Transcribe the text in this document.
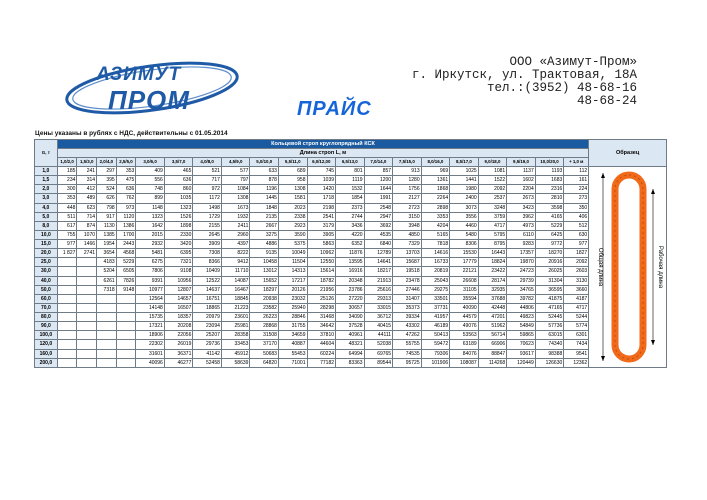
АЗИМУТ
ПРОМ	ПРАЙС
ООО «Азимут-Пром»
г. Иркутск, ул. Трактовая, 18А
тел.:(3952) 48-68-16
48-68-24
Цены указаны в рублях с НДС, действительны с 01.05.2014
G, т	Кольцевой строп круглопрядный КСК																				Образец
	Длина строп L, м																				
	1,0/2,0	1,5/3,0	2,0/4,0	2,5/5,0	3,0/6,0	3,5/7,0	4,0/8,0	4,5/9,0	5,0/10,0	5,5/11,0	6,0/12,00	6,5/13,0	7,0/14,0	7,5/15,0	8,0/16,0	8,5/17,0	9,0/18,0	9,5/19,0	10,0/20,0	+ 1,0 м	
1,0	185	241	297	353	409	465	521	577	633	689	745	801	857	913	969	1025	1081	1137	1193	112	Общая длина Рабочая длина

1,5	234	314	395	475	556	636	717	797	878	958	1039	1119	1200	1280	1361	1441	1522	1602	1683	161	
2,0	300	412	524	636	748	860	972	1084	1196	1308	1420	1532	1644	1756	1868	1980	2092	2204	2316	224	
3,0	353	489	626	762	899	1035	1172	1308	1445	1581	1718	1854	1991	2127	2264	2400	2537	2673	2810	273	
4,0	448	623	798	973	1148	1323	1498	1673	1848	2023	2198	2373	2548	2723	2898	3073	3248	3423	3598	350	
5,0	511	714	917	1120	1323	1526	1729	1932	2135	2338	2541	2744	2947	3150	3353	3556	3759	3962	4165	406	
8,0	617	874	1130	1386	1642	1898	2155	2411	2667	2923	3179	3436	3692	3948	4204	4460	4717	4973	5229	512	
10,0	755	1070	1385	1700	2015	2330	2645	2960	3275	3590	3905	4220	4535	4850	5165	5480	5795	6110	6425	630	
15,0	977	1466	1954	2443	2932	3420	3909	4397	4886	5375	5863	6352	6840	7329	7818	8306	8795	9283	9772	977	
20,0	1 827	2741	3654	4568	5481	6395	7308	8222	9135	10049	10962	11876	12789	13703	14616	15530	16443	17357	18270	1827	
25,0			4183	5229	6275	7321	8366	9412	10458	11504	12550	13595	14641	15687	16733	17779	18824	19870	20916	2092	
30,0			5204	6505	7806	9108	10409	11710	13012	14313	15614	16916	18217	19518	20819	22121	23422	24723	26025	2603	
40,0			6261	7826	9391	10956	12522	14087	15652	17217	18782	20348	21913	23478	25043	26608	28174	29739	31304	3130	
50,0			7318	9148	10977	12807	14637	16467	18297	20126	21956	23786	25616	27446	29275	31105	32935	34765	36595	3660	
60,0					12564	14657	16751	18845	20938	23032	25126	27220	29313	31407	33501	35594	37688	39782	41875	4187	
70,0					14148	16507	18865	21223	23582	25940	28298	30657	33015	35373	37731	40090	42448	44806	47165	4717	
80,0					15735	18357	20979	23601	26223	28846	31468	34090	36712	39334	41957	44579	47201	49823	52445	5244	
90,0					17321	20208	23094	25981	28868	31755	34642	37528	40415	43302	46189	49076	51962	54849	57736	5774	
100,0					18906	22056	25207	28358	31508	34659	37810	40961	44111	47262	50413	53563	56714	59865	63015	6301	
120,0					22302	26019	29736	33453	37170	40887	44604	48321	52038	55755	59472	63189	66906	70623	74340	7434	
160,0					31601	36371	41142	45912	50683	55453	60224	64994	69765	74535	79306	84076	88847	93617	98388	9541	
200,0					40096	46277	52458	58639	64820	71001	77182	83363	89544	95725	101906	108087	114268	120449	126630	12362	
